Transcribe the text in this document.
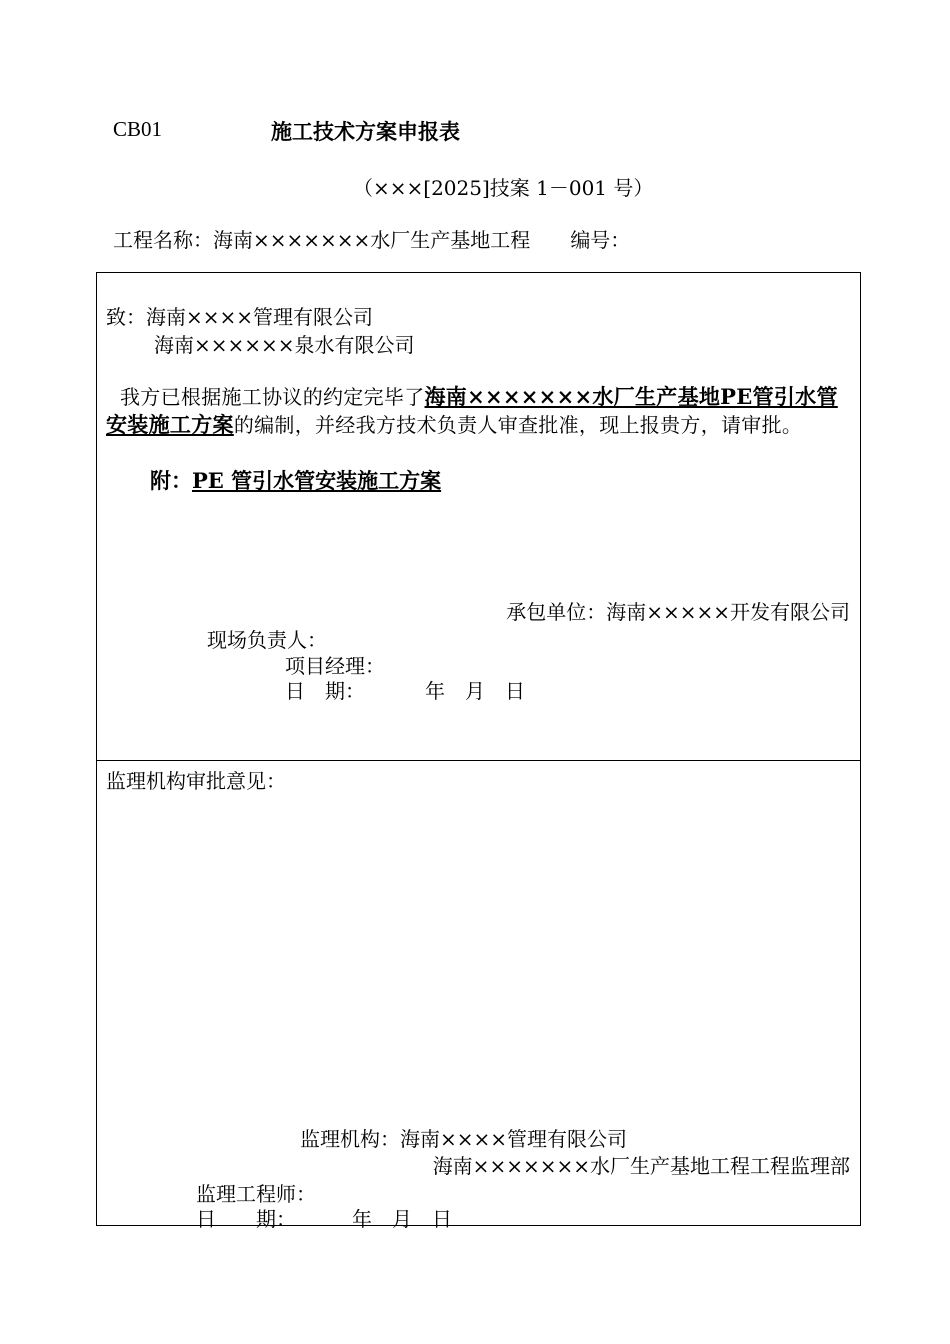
CB01	施工技术方案申报表
（×××[2025]技案 1－001 号）
工程名称：海南×××××××水厂生产基地工程 编号：
致：海南××××管理有限公司
海南××××××泉水有限公司
我方已根据施工协议的约定完毕了海南×××××××水厂生产基地PE管引水管安装施工方案的编制，并经我方技术负责人审查批准，现上报贵方，请审批。
附：PE 管引水管安装施工方案
承包单位：海南×××××开发有限公司
现场负责人：
项目经理：
日　期：	年 月 日
监理机构审批意见：
监理机构：海南××××管理有限公司
海南×××××××水厂生产基地工程工程监理部
监理工程师：
日　　期：	年 月 日
